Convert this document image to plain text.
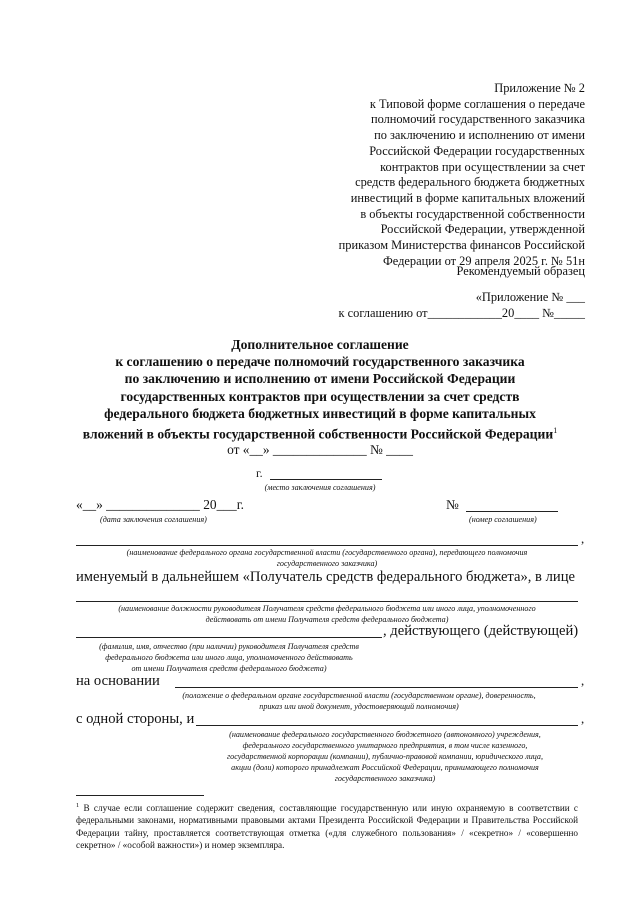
Приложение № 2
к Типовой форме соглашения о передаче
полномочий государственного заказчика
по заключению и исполнению от имени
Российской Федерации государственных
контрактов при осуществлении за счет
средств федерального бюджета бюджетных
инвестиций в форме капитальных вложений
в объекты государственной собственности
Российской Федерации, утвержденной
приказом Министерства финансов Российской
Федерации от 29 апреля 2025 г. № 51н
Рекомендуемый образец
«Приложение № ___
к соглашению от____________20____ №_____
Дополнительное соглашение
к соглашению о передаче полномочий государственного заказчика
по заключению и исполнению от имени Российской Федерации
государственных контрактов при осуществлении за счет средств
федерального бюджета бюджетных инвестиций в форме капитальных
вложений в объекты государственной собственности Российской Федерации$^1$
от «__» ______________ № ____
г.
(место заключения соглашения)
«__» ______________ 20___г.
(дата заключения соглашения)
№
(номер соглашения)
,
(наименование федерального органа государственной власти (государственного органа), передающего полномочия
государственного заказчика)
именуемый в дальнейшем «Получатель средств федерального бюджета», в лице
(наименование должности руководителя Получателя средств федерального бюджета или иного лица, уполномоченного
действовать от имени Получателя средств федерального бюджета)
, действующего (действующей)
(фамилия, имя, отчество (при наличии) руководителя Получателя средств
федерального бюджета или иного лица, уполномоченного действовать
от имени Получателя средств федерального бюджета)
на основании	,
(положение о федеральном органе государственной власти (государственном органе), доверенность,
приказ или иной документ, удостоверяющий полномочия)
с одной стороны, и	,
(наименование федерального государственного бюджетного (автономного) учреждения,
федерального государственного унитарного предприятия, в том числе казенного,
государственной корпорации (компании), публично-правовой компании, юридического лица,
акции (доли) которого принадлежат Российской Федерации, принимающего полномочия
государственного заказчика)
$^1$ В случае если соглашение содержит сведения, составляющие государственную или иную охраняемую в соответствии с федеральными законами, нормативными правовыми актами Президента Российской Федерации и Правительства Российской Федерации тайну, проставляется соответствующая отметка («для служебного пользования» / «секретно» / «совершенно секретно» / «особой важности») и номер экземпляра.
